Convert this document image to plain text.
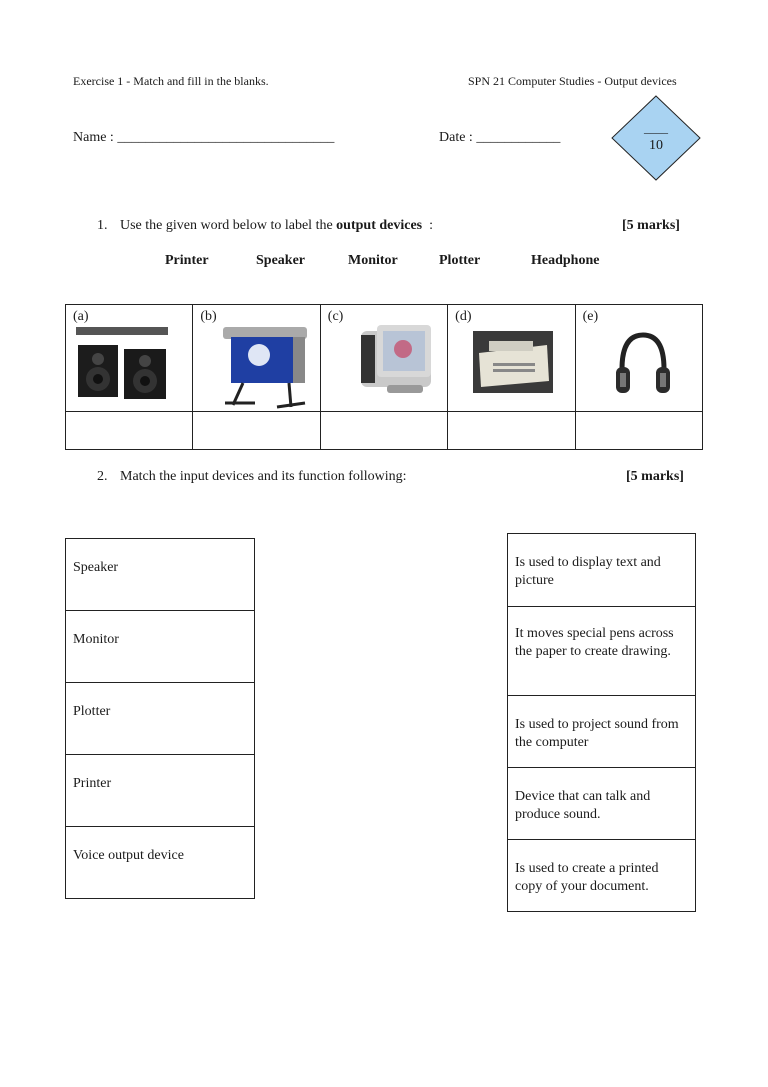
Exercise 1 - Match and fill in the blanks.	SPN 21 Computer Studies - Output devices
Name : _______________________________	Date : ____________
____
10
1. Use the given word below to label the output devices  :	[5 marks]
Printer	Speaker	Monitor	Plotter	Headphone
(a)	(b)	(c)	(d)	(e)

2. Match the input devices and its function following:	[5 marks]
Speaker
Monitor
Plotter
Printer
Voice output device
Is used to display text and picture
It moves special pens across the paper to create drawing.
Is used to project sound from the computer
Device that can talk and produce sound.
Is used to create a printed copy of your document.
